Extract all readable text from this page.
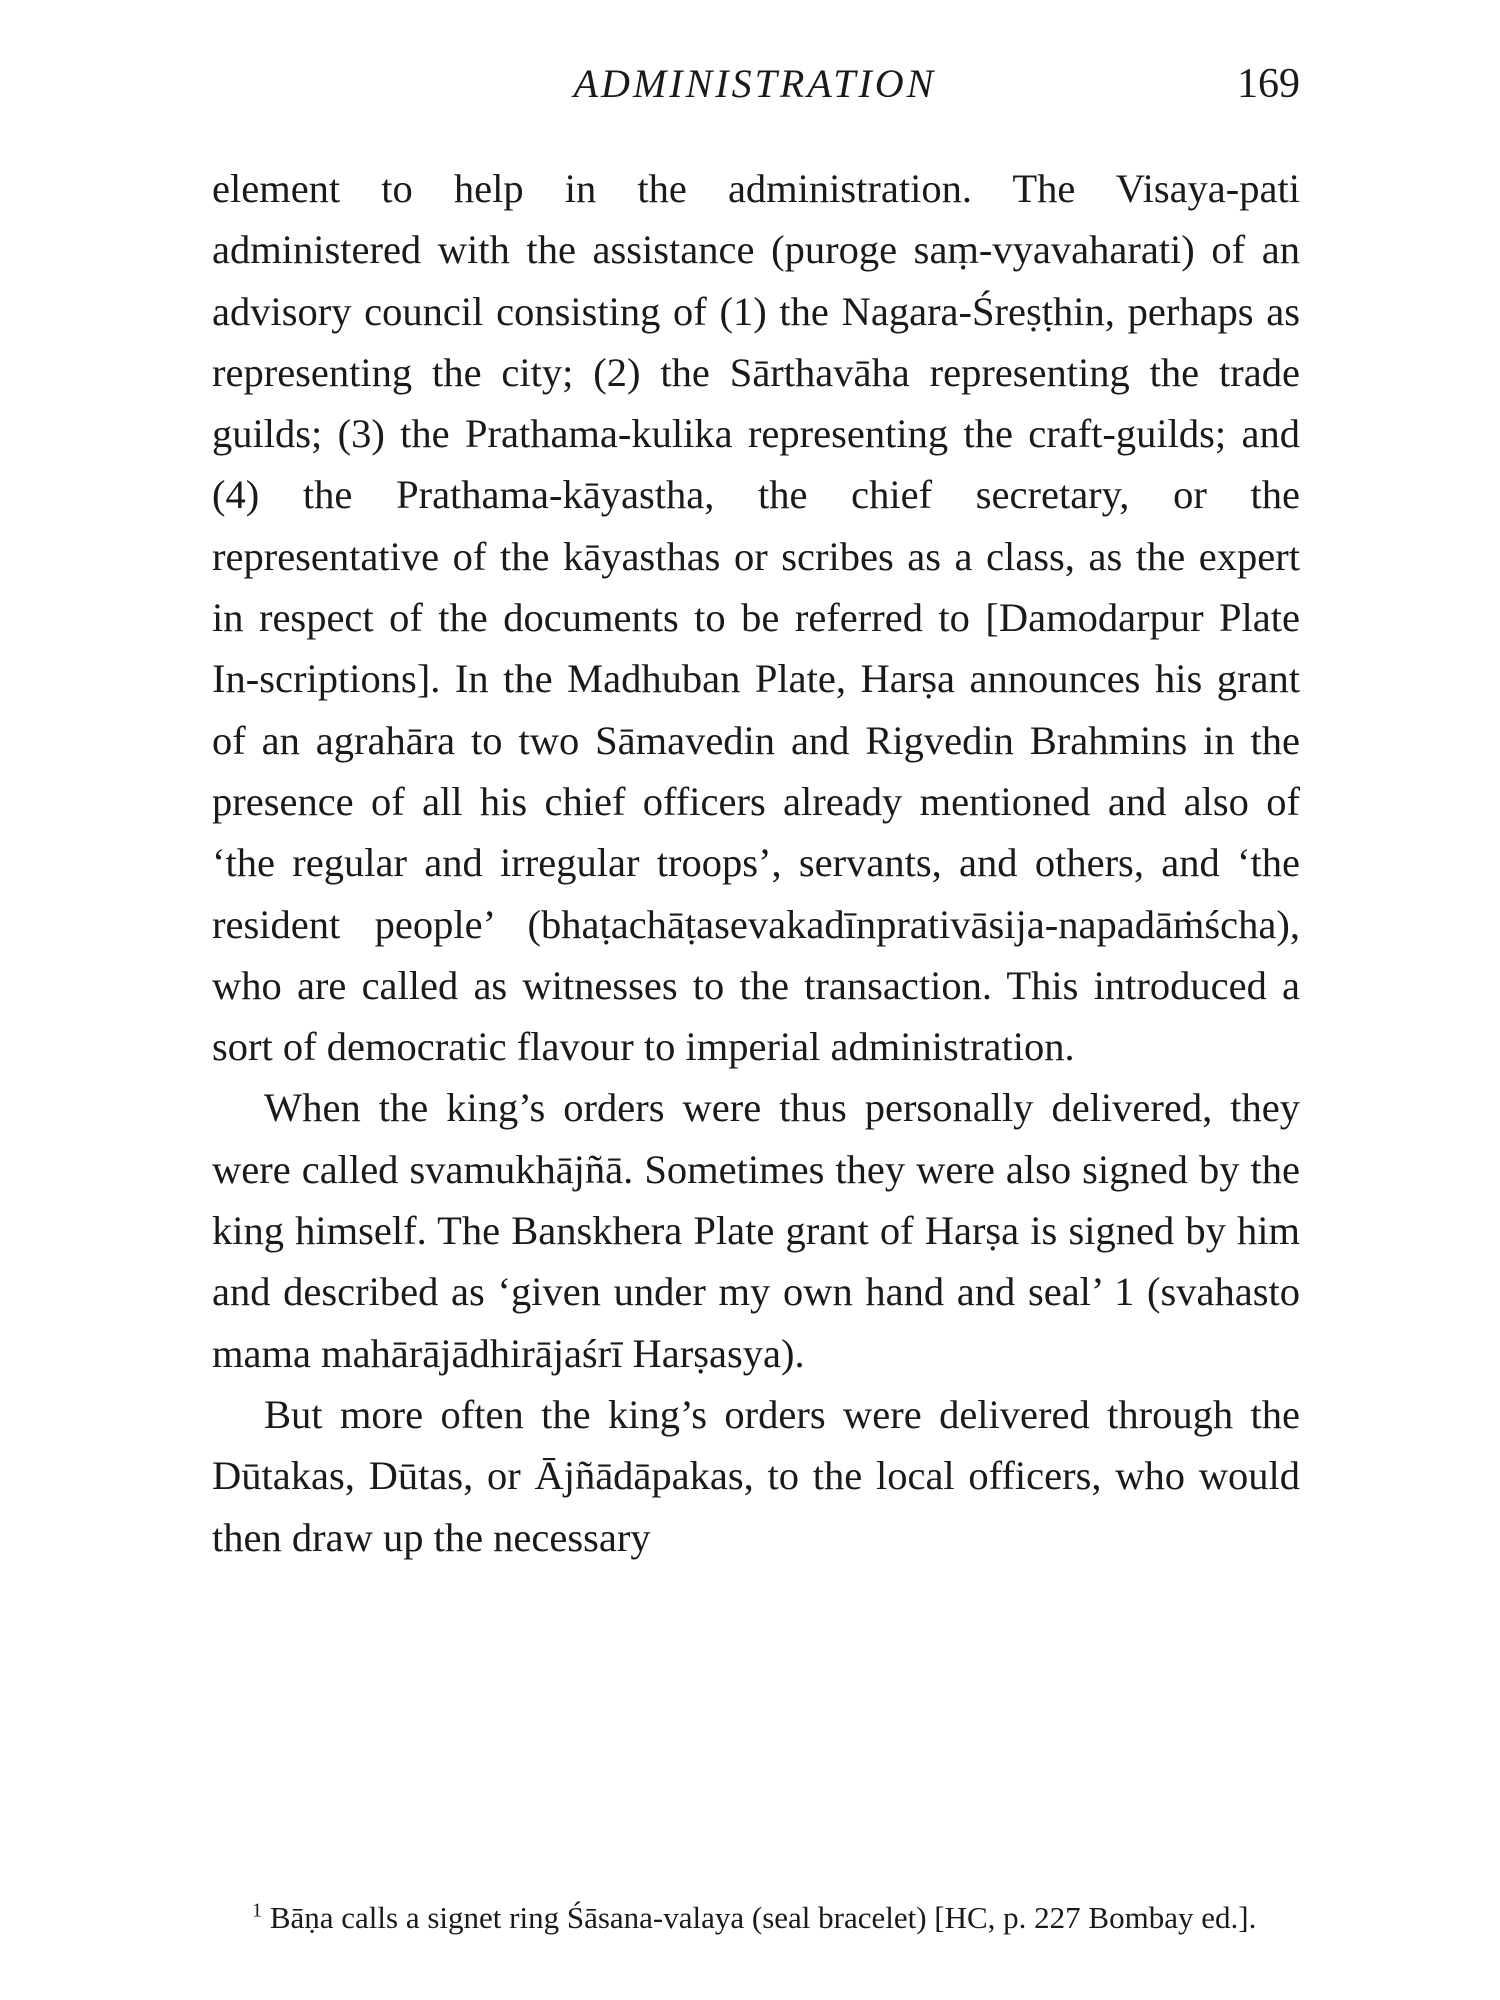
ADMINISTRATION	169

element to help in the administration. The Visaya-pati administered with the assistance (puroge saṃ-vyavaharati) of an advisory council consisting of (1) the Nagara-Śreṣṭhin, perhaps as representing the city; (2) the Sārthavāha representing the trade guilds; (3) the Prathama-kulika representing the craft-guilds; and (4) the Prathama-kāyastha, the chief secretary, or the representative of the kāyasthas or scribes as a class, as the expert in respect of the documents to be referred to [Damodarpur Plate In-scriptions]. In the Madhuban Plate, Harṣa announces his grant of an agrahāra to two Sāmavedin and Rigvedin Brahmins in the presence of all his chief officers already mentioned and also of ‘the regular and irregular troops’, servants, and others, and ‘the resident people’ (bhaṭachāṭasevakadīnprativāsija-napadāṁścha), who are called as witnesses to the transaction. This introduced a sort of democratic flavour to imperial administration.

When the king’s orders were thus personally delivered, they were called svamukhājñā. Sometimes they were also signed by the king himself. The Banskhera Plate grant of Harṣa is signed by him and described as ‘given under my own hand and seal’ 1 (svahasto mama mahārājādhirājaśrī Harṣasya).

But more often the king’s orders were delivered through the Dūtakas, Dūtas, or Ājñādāpakas, to the local officers, who would then draw up the necessary

$^1$ Bāṇa calls a signet ring Śāsana-valaya (seal bracelet) [HC, p. 227 Bombay ed.].
